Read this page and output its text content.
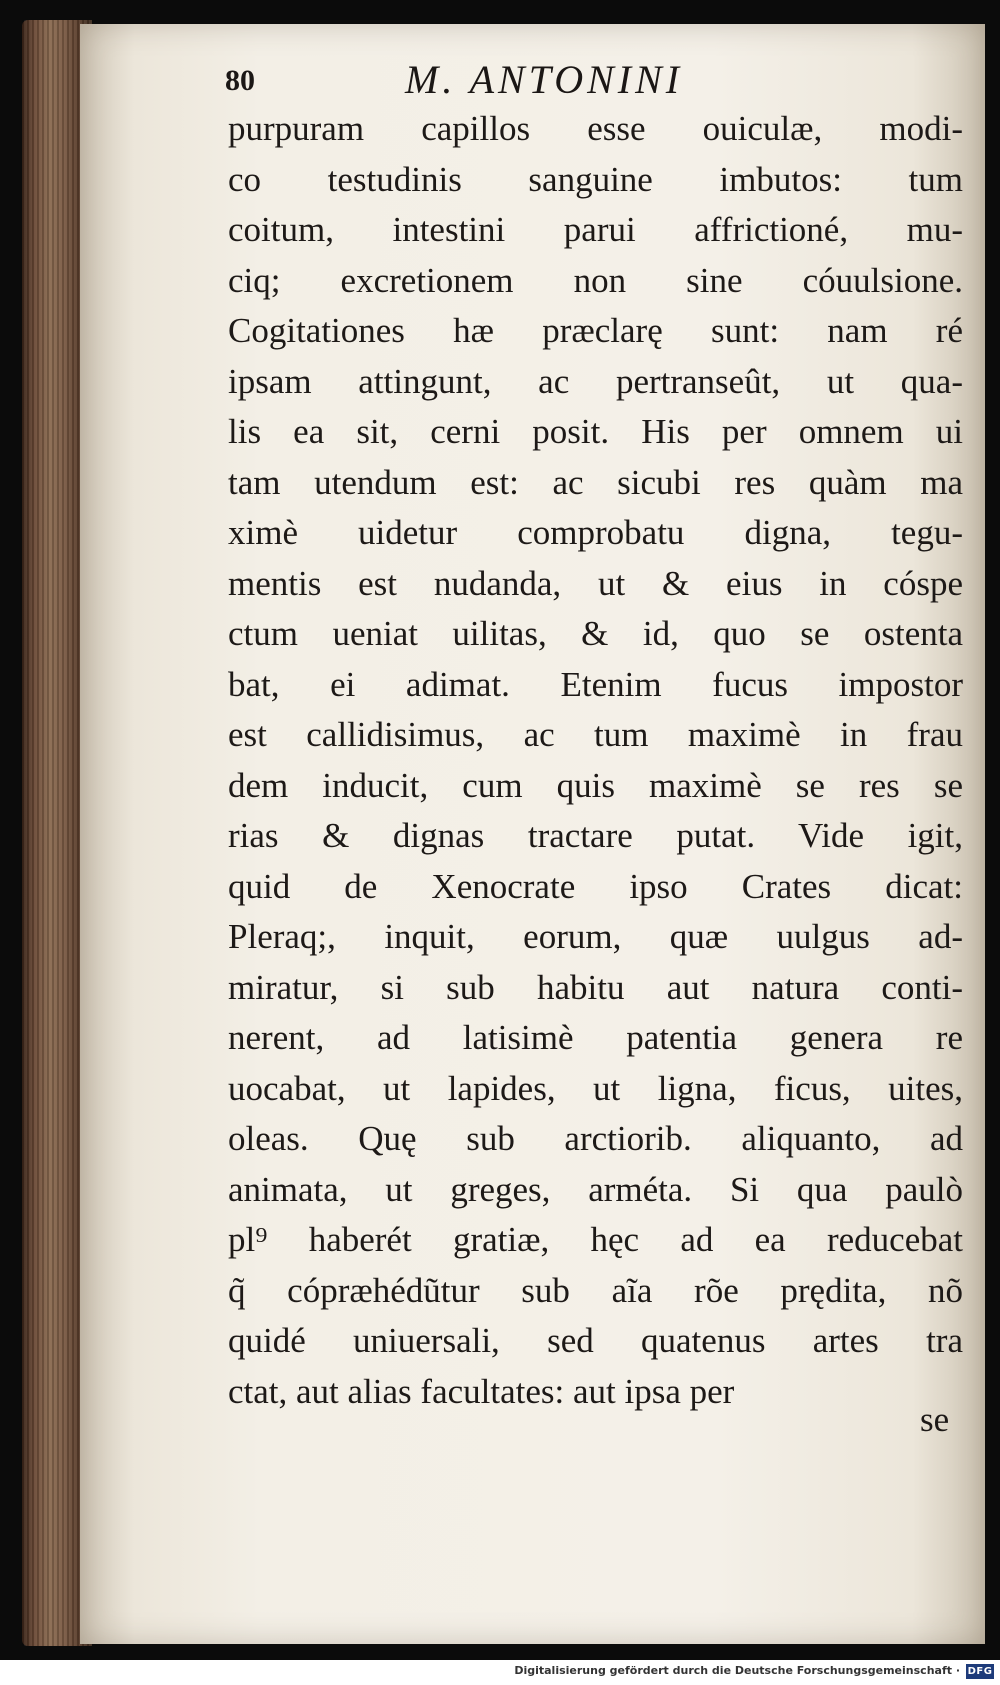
80	M. ANTONINI
purpuram capillos esse ouiculæ, modi-
co testudinis sanguine imbutos: tum
coitum, intestini parui affrictioné, mu-
ciq; excretionem non sine cóuulsione.
Cogitationes hæ præclarę sunt: nam ré
ipsam attingunt, ac pertranseût, ut qua-
lis ea sit, cerni posit. His per omnem ui
tam utendum est: ac sicubi res quàm ma
ximè uidetur comprobatu digna, tegu-
mentis est nudanda, ut & eius in cóspe
ctum ueniat uilitas, & id, quo se ostenta
bat, ei adimat. Etenim fucus impostor
est callidisimus, ac tum maximè in frau
dem inducit, cum quis maximè se res se
rias & dignas tractare putat. Vide igit,
quid de Xenocrate ipso Crates dicat:
Pleraq;, inquit, eorum, quæ uulgus ad-
miratur, si sub habitu aut natura conti-
nerent, ad latisimè patentia genera re
uocabat, ut lapides, ut ligna, ficus, uites,
oleas. Quę sub arctiorib. aliquanto, ad
animata, ut greges, arméta. Si qua paulò
pl⁹ haberét gratiæ, hęc ad ea reducebat
q̃ cópræhédũtur sub aĩa rõe prędita, nõ
quidé uniuersali, sed quatenus artes tra
ctat, aut alias facultates: aut ipsa per
se
Digitalisierung gefördert durch die Deutsche Forschungsgemeinschaft · DFG
